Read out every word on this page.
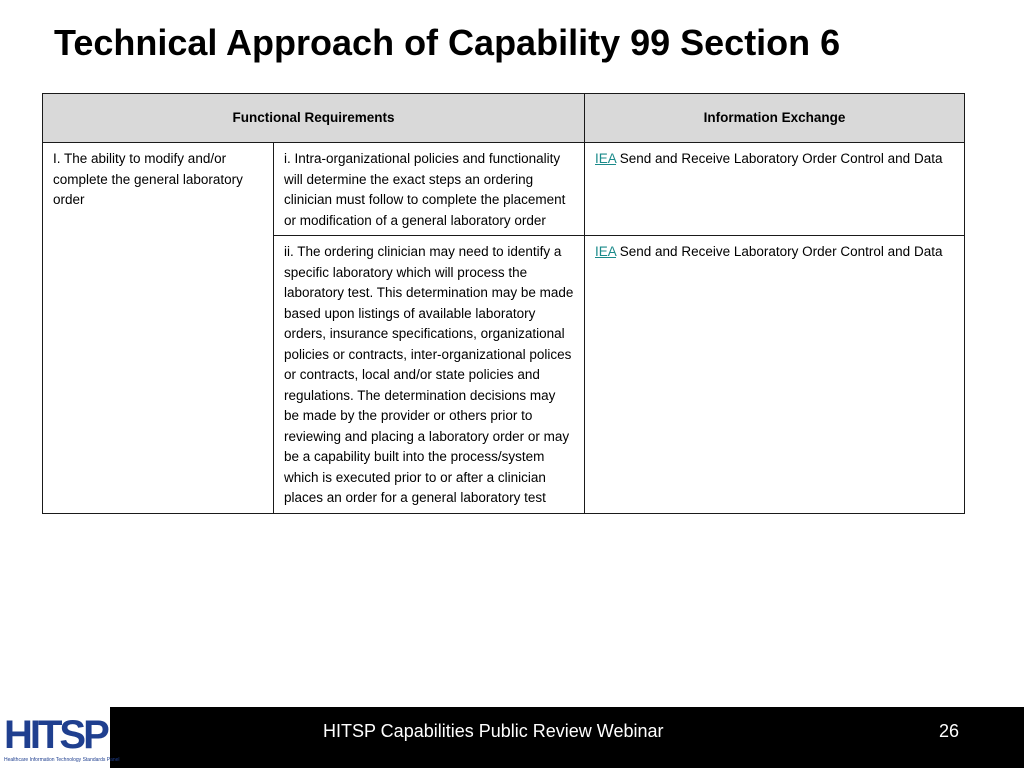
Technical Approach of Capability 99 Section 6
Functional Requirements		Information Exchange
I. The ability to modify and/or complete the general laboratory order	i. Intra-organizational policies and functionality will determine the exact steps an ordering clinician must follow to complete the placement or modification of a general laboratory order	IEA Send and Receive Laboratory Order Control and Data
	ii. The ordering clinician may need to identify a specific laboratory which will process the laboratory test. This determination may be made based upon listings of available laboratory orders, insurance specifications, organizational policies or contracts, inter-organizational polices or contracts, local and/or state policies and regulations. The determination decisions may be made by the provider or others prior to reviewing and placing a laboratory order or may be a capability built into the process/system which is executed prior to or after a clinician places an order for a general laboratory test	IEA Send and Receive Laboratory Order Control and Data
HITSP
Healthcare Information Technology Standards Panel
HITSP Capabilities Public Review Webinar	26
